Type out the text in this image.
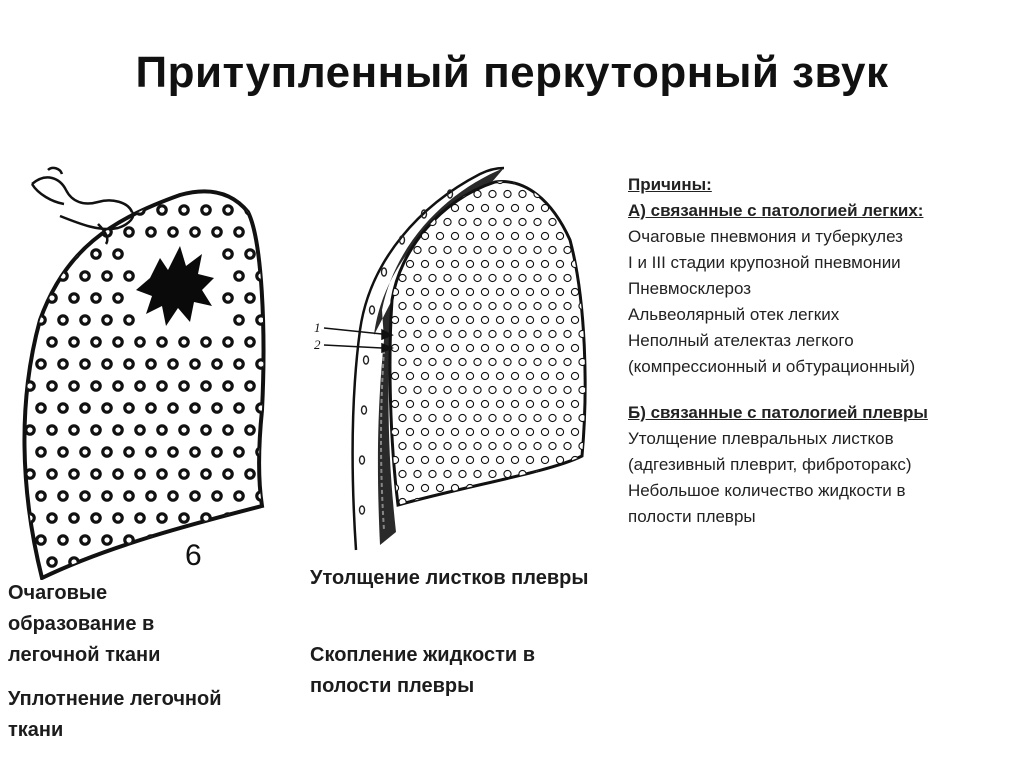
Притупленный перкуторный звук
6
1
2
Очаговые образование в легочной ткани
Уплотнение легочной ткани
Утолщение листков плевры
Скопление жидкости в полости плевры
Причины:
А) связанные с патологией легких:
Очаговые пневмония и туберкулез
I и III стадии крупозной пневмонии
Пневмосклероз
Альвеолярный отек легких
Неполный ателектаз легкого
(компрессионный и обтурационный)
Б) связанные с патологией плевры
Утолщение плевральных листков
(адгезивный плеврит, фиброторакс)
Небольшое количество жидкости в
полости плевры
